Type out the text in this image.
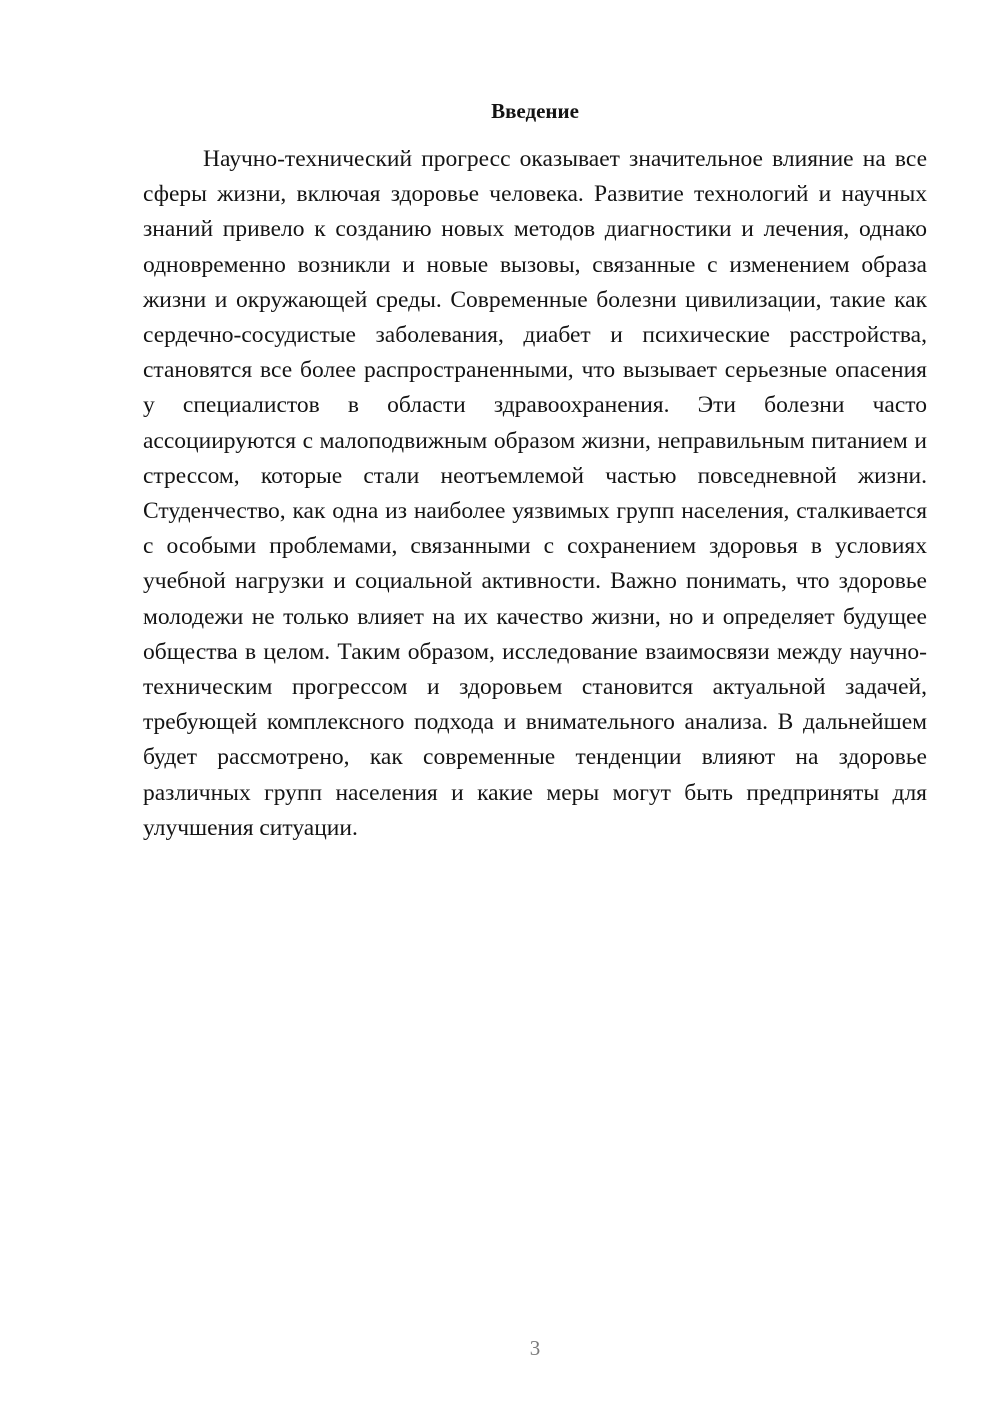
Введение

Научно-технический прогресс оказывает значительное влияние на все сферы жизни, включая здоровье человека. Развитие технологий и научных знаний привело к созданию новых методов диагностики и лечения, однако одновременно возникли и новые вызовы, связанные с изменением образа жизни и окружающей среды. Современные болезни цивилизации, такие как сердечно-сосудистые заболевания, диабет и психические расстройства, становятся все более распространенными, что вызывает серьезные опасения у специалистов в области здравоохранения. Эти болезни часто ассоциируются с малоподвижным образом жизни, неправильным питанием и стрессом, которые стали неотъемлемой частью повседневной жизни. Студенчество, как одна из наиболее уязвимых групп населения, сталкивается с особыми проблемами, связанными с сохранением здоровья в условиях учебной нагрузки и социальной активности. Важно понимать, что здоровье молодежи не только влияет на их качество жизни, но и определяет будущее общества в целом. Таким образом, исследование взаимосвязи между научно-техническим прогрессом и здоровьем становится актуальной задачей, требующей комплексного подхода и внимательного анализа. В дальнейшем будет рассмотрено, как современные тенденции влияют на здоровье различных групп населения и какие меры могут быть предприняты для улучшения ситуации.

3
